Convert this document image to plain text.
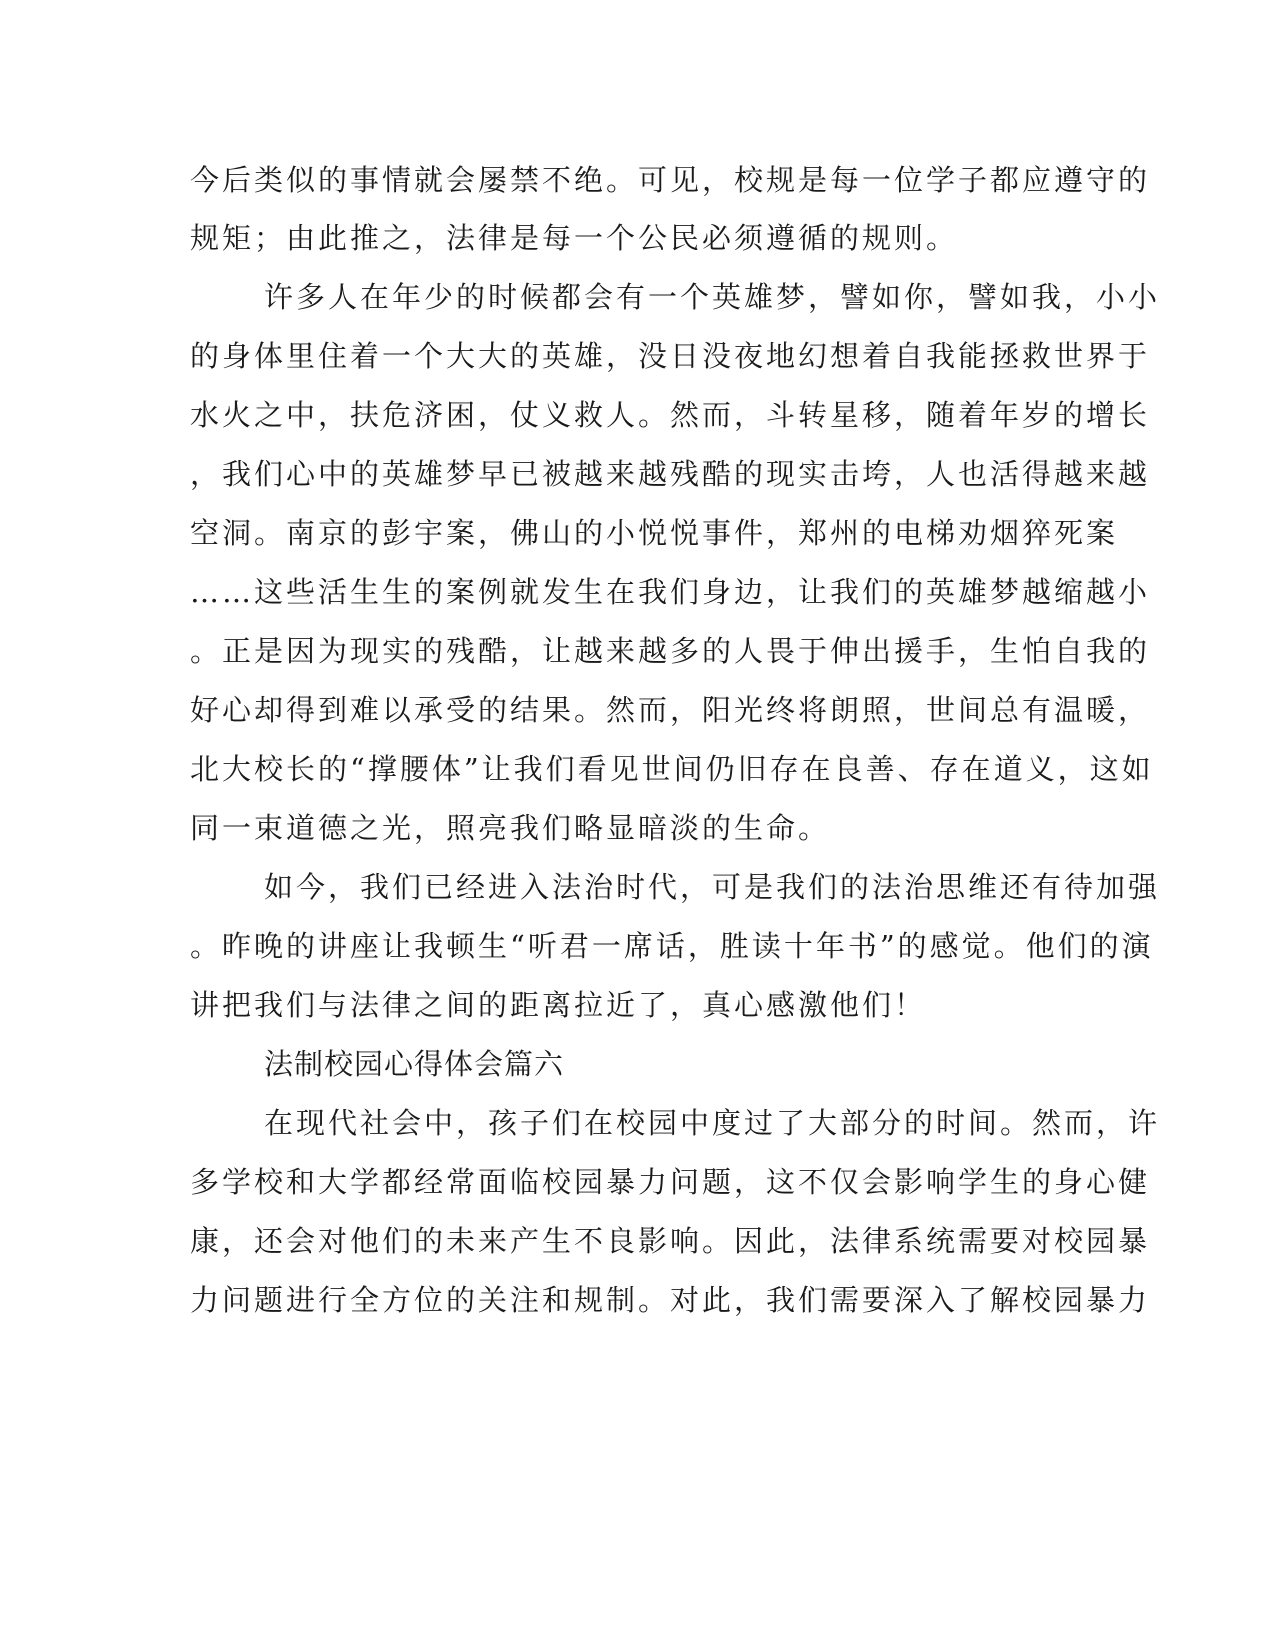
今后类似的事情就会屡禁不绝。可见，校规是每一位学子都应遵守的
规矩；由此推之，法律是每一个公民必须遵循的规则。
许多人在年少的时候都会有一个英雄梦，譬如你，譬如我，小小
的身体里住着一个大大的英雄，没日没夜地幻想着自我能拯救世界于
水火之中，扶危济困，仗义救人。然而，斗转星移，随着年岁的增长
，我们心中的英雄梦早已被越来越残酷的现实击垮，人也活得越来越
空洞。南京的彭宇案，佛山的小悦悦事件，郑州的电梯劝烟猝死案
……这些活生生的案例就发生在我们身边，让我们的英雄梦越缩越小
。正是因为现实的残酷，让越来越多的人畏于伸出援手，生怕自我的
好心却得到难以承受的结果。然而，阳光终将朗照，世间总有温暖，
北大校长的“撑腰体”让我们看见世间仍旧存在良善、存在道义，这如
同一束道德之光，照亮我们略显暗淡的生命。
如今，我们已经进入法治时代，可是我们的法治思维还有待加强
。昨晚的讲座让我顿生“听君一席话，胜读十年书”的感觉。他们的演
讲把我们与法律之间的距离拉近了，真心感激他们！
法制校园心得体会篇六
在现代社会中，孩子们在校园中度过了大部分的时间。然而，许
多学校和大学都经常面临校园暴力问题，这不仅会影响学生的身心健
康，还会对他们的未来产生不良影响。因此，法律系统需要对校园暴
力问题进行全方位的关注和规制。对此，我们需要深入了解校园暴力
